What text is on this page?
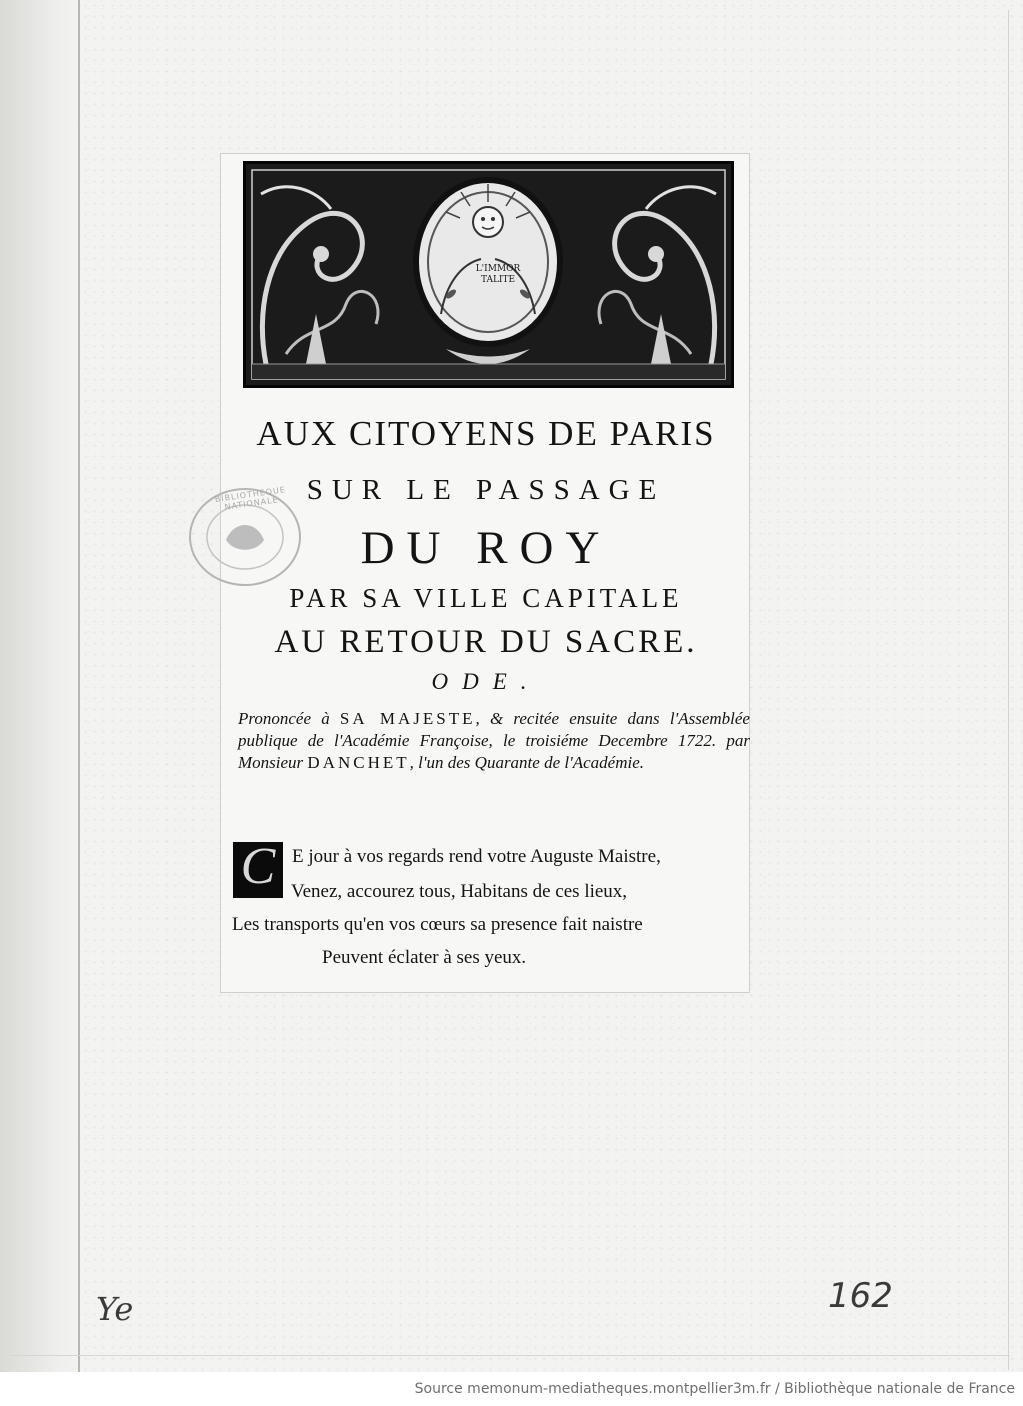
L'IMMOR TALITE
BIBLIOTHEQUE NATIONALE
AUX CITOYENS DE PARIS
SUR LE PASSAGE
DU ROY
PAR SA VILLE CAPITALE
AU RETOUR DU SACRE.
ODE.
Prononcée à SA MAJESTE, & recitée ensuite dans l'Assemblée publique de l'Académie Françoise, le troisiéme Decembre 1722. par Monsieur DANCHET, l'un des Quarante de l'Académie.
C E jour à vos regards rend votre Auguste Maistre,
Venez, accourez tous, Habitans de ces lieux,
Les transports qu'en vos cœurs sa presence fait naistre
Peuvent éclater à ses yeux.
Ye	162
Source memonum-mediatheques.montpellier3m.fr / Bibliothèque nationale de France
